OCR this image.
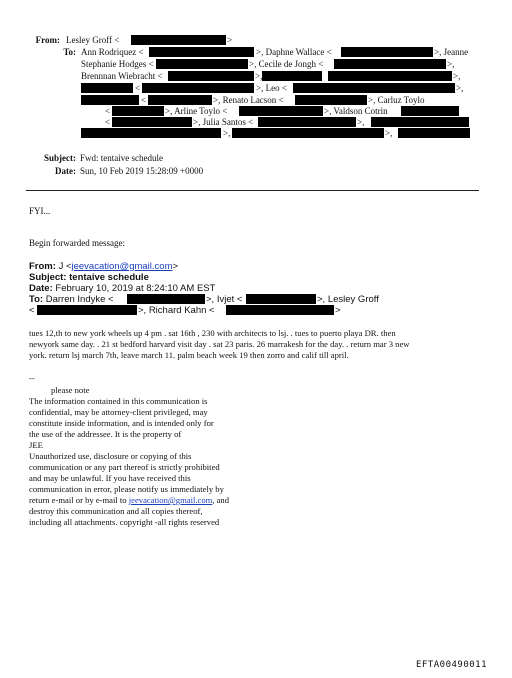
From: Lesley Groff <	>
To: Ann Rodriquez <	>, Daphne Wallace <	>, Jeanne
Stephanie Hodges <	>, Cecile de Jongh <	>,
Brennnan Wiebracht <	>,	>,
<	>, Leo <	>,
<	>, Renato Lacson <	>, Carluz Toylo
<	>, Arline Toylo <	>, Valdson Cotrin
<	>, Julia Santos <	>,
>,	>,
Subject: Fwd: tentaive schedule
Date: Sun, 10 Feb 2019 15:28:09 +0000
FYI...
Begin forwarded message:
From: J <jeevacation@gmail.com>
Subject: tentaive schedule
Date: February 10, 2019 at 8:24:10 AM EST
To: Darren Indyke <	>, Ivjet <	>, Lesley Groff
<	>, Richard Kahn <	>
tues 12,th to new york wheels up 4 pm . sat 16th , 230 with architects to lsj. . tues to puerto playa DR. then
newyork same day. . 21 st bedford harvard visit day . sat 23 paris. 26 marrakesh for the day. . return mar 3 new
york. return lsj march 7th, leave march 11. palm beach week 19 then zorro and calif till april.
--
please note
The information contained in this communication is
confidential, may be attorney-client privileged, may
constitute inside information, and is intended only for
the use of the addressee. It is the property of
JEE
Unauthorized use, disclosure or copying of this
communication or any part thereof is strictly prohibited
and may be unlawful. If you have received this
communication in error, please notify us immediately by
return e-mail or by e-mail to jeevacation@gmail.com, and
destroy this communication and all copies thereof,
including all attachments. copyright -all rights reserved
EFTA00490011
